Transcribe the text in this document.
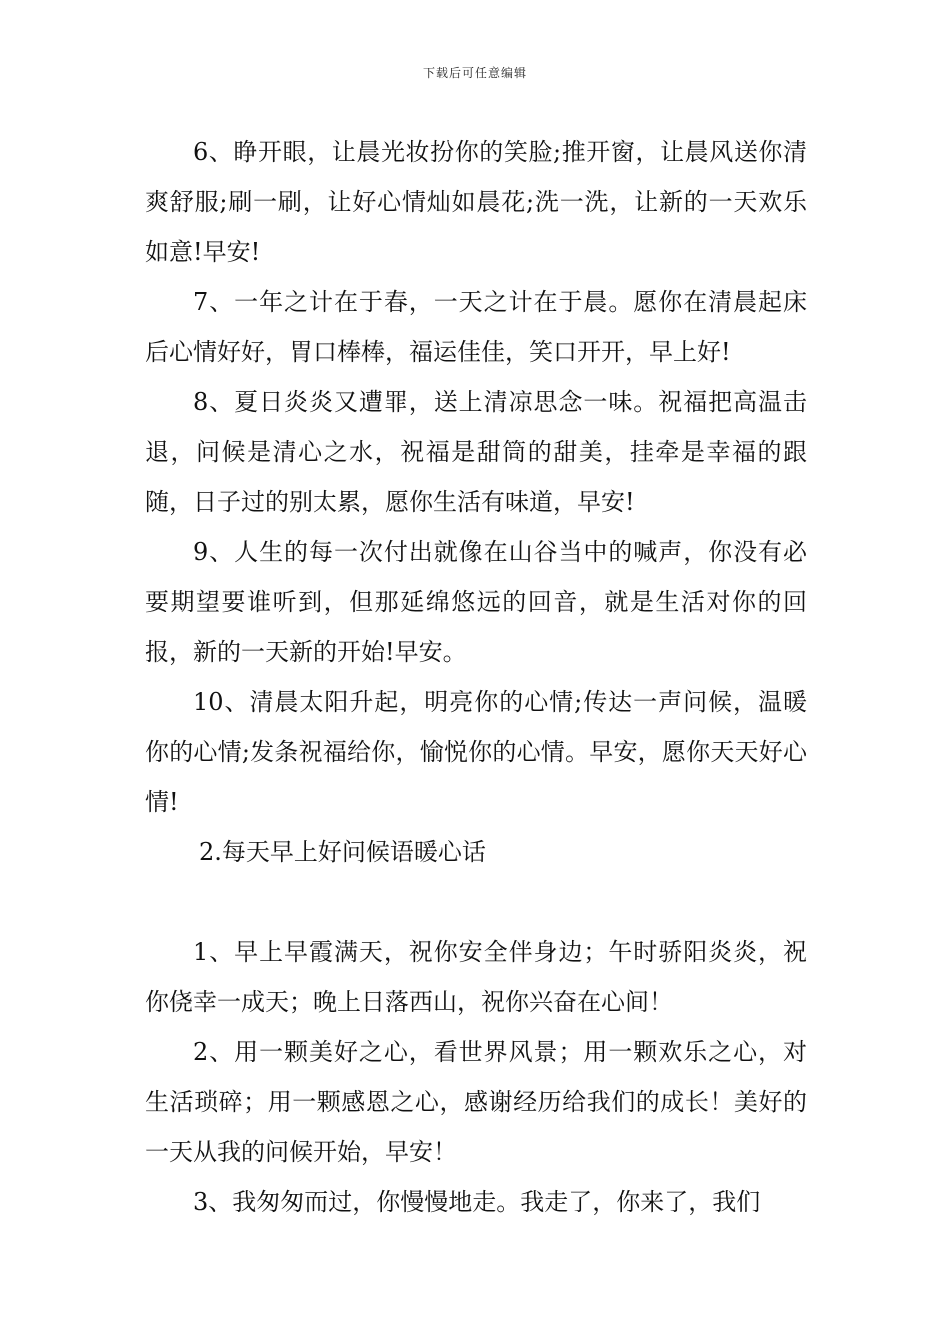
下载后可任意编辑

6、睁开眼，让晨光妆扮你的笑脸;推开窗，让晨风送你清爽舒服;刷一刷，让好心情灿如晨花;洗一洗，让新的一天欢乐如意!早安!

7、一年之计在于春，一天之计在于晨。愿你在清晨起床后心情好好，胃口棒棒，福运佳佳，笑口开开，早上好!

8、夏日炎炎又遭罪，送上清凉思念一味。祝福把高温击退，问候是清心之水，祝福是甜筒的甜美，挂牵是幸福的跟随，日子过的别太累，愿你生活有味道，早安!

9、人生的每一次付出就像在山谷当中的喊声，你没有必要期望要谁听到，但那延绵悠远的回音，就是生活对你的回报，新的一天新的开始!早安。

10、清晨太阳升起，明亮你的心情;传达一声问候，温暖你的心情;发条祝福给你，愉悦你的心情。早安，愿你天天好心情!

2.每天早上好问候语暖心话

1、早上早霞满天，祝你安全伴身边；午时骄阳炎炎，祝你侥幸一成天；晚上日落西山，祝你兴奋在心间！

2、用一颗美好之心，看世界风景；用一颗欢乐之心，对生活琐碎；用一颗感恩之心，感谢经历给我们的成长！美好的一天从我的问候开始，早安！

3、我匆匆而过，你慢慢地走。我走了，你来了，我们
